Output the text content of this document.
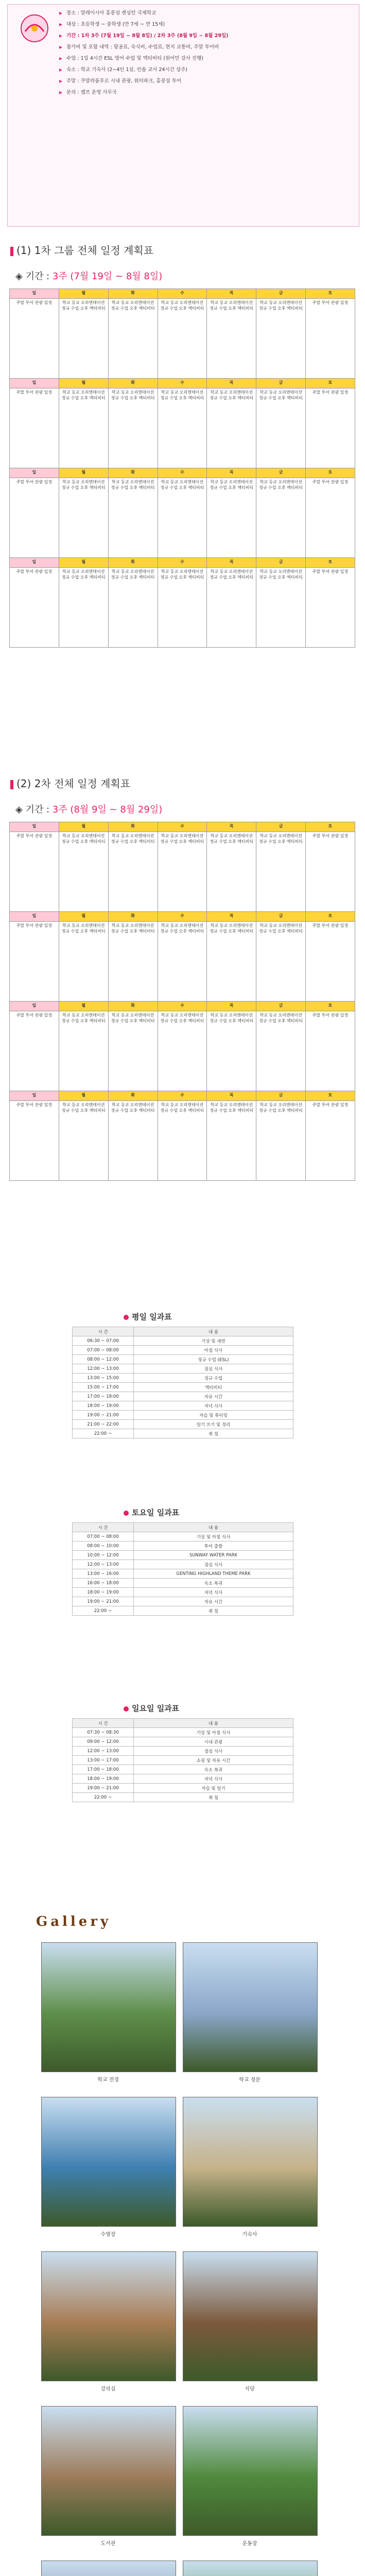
▶ 장소 : 말레이시아 홍콩섬 켄싱턴 국제학교
▶ 대상 : 초등학생 ~ 중학생 (만 7세 ~ 만 15세)
▶ 기간 : 1차 3주 (7월 19일 ~ 8월 8일) / 2차 3주 (8월 9일 ~ 8월 29일)
▶ 참가비 및 포함 내역 : 항공료, 숙식비, 수업료, 현지 교통비, 주말 투어비
▶ 수업 : 1일 4시간 ESL 영어 수업 및 액티비티 (원어민 강사 진행)
▶ 숙소 : 학교 기숙사 (2~4인 1실, 인솔 교사 24시간 상주)
▶ 주말 : 쿠알라룸푸르 시내 관광, 워터파크, 홍콩섬 투어
▶ 문의 : 캠프 운영 사무국
(1) 1차 그룹 전체 일정 계획표
◈ 기간 : 3주 (7월 19일 ~ 8월 8일)
일	월	화	수	목	금	토
주말 투어 관광 일정	학교 등교 오리엔테이션 정규 수업 오후 액티비티	학교 등교 오리엔테이션 정규 수업 오후 액티비티	학교 등교 오리엔테이션 정규 수업 오후 액티비티	학교 등교 오리엔테이션 정규 수업 오후 액티비티	학교 등교 오리엔테이션 정규 수업 오후 액티비티	주말 투어 관광 일정
일	월	화	수	목	금	토
주말 투어 관광 일정	학교 등교 오리엔테이션 정규 수업 오후 액티비티	학교 등교 오리엔테이션 정규 수업 오후 액티비티	학교 등교 오리엔테이션 정규 수업 오후 액티비티	학교 등교 오리엔테이션 정규 수업 오후 액티비티	학교 등교 오리엔테이션 정규 수업 오후 액티비티	주말 투어 관광 일정
일	월	화	수	목	금	토
주말 투어 관광 일정	학교 등교 오리엔테이션 정규 수업 오후 액티비티	학교 등교 오리엔테이션 정규 수업 오후 액티비티	학교 등교 오리엔테이션 정규 수업 오후 액티비티	학교 등교 오리엔테이션 정규 수업 오후 액티비티	학교 등교 오리엔테이션 정규 수업 오후 액티비티	주말 투어 관광 일정
일	월	화	수	목	금	토
주말 투어 관광 일정	학교 등교 오리엔테이션 정규 수업 오후 액티비티	학교 등교 오리엔테이션 정규 수업 오후 액티비티	학교 등교 오리엔테이션 정규 수업 오후 액티비티	학교 등교 오리엔테이션 정규 수업 오후 액티비티	학교 등교 오리엔테이션 정규 수업 오후 액티비티	주말 투어 관광 일정
(2) 2차 전체 일정 계획표
◈ 기간 : 3주 (8월 9일 ~ 8월 29일)
일	월	화	수	목	금	토
주말 투어 관광 일정	학교 등교 오리엔테이션 정규 수업 오후 액티비티	학교 등교 오리엔테이션 정규 수업 오후 액티비티	학교 등교 오리엔테이션 정규 수업 오후 액티비티	학교 등교 오리엔테이션 정규 수업 오후 액티비티	학교 등교 오리엔테이션 정규 수업 오후 액티비티	주말 투어 관광 일정
일	월	화	수	목	금	토
주말 투어 관광 일정	학교 등교 오리엔테이션 정규 수업 오후 액티비티	학교 등교 오리엔테이션 정규 수업 오후 액티비티	학교 등교 오리엔테이션 정규 수업 오후 액티비티	학교 등교 오리엔테이션 정규 수업 오후 액티비티	학교 등교 오리엔테이션 정규 수업 오후 액티비티	주말 투어 관광 일정
일	월	화	수	목	금	토
주말 투어 관광 일정	학교 등교 오리엔테이션 정규 수업 오후 액티비티	학교 등교 오리엔테이션 정규 수업 오후 액티비티	학교 등교 오리엔테이션 정규 수업 오후 액티비티	학교 등교 오리엔테이션 정규 수업 오후 액티비티	학교 등교 오리엔테이션 정규 수업 오후 액티비티	주말 투어 관광 일정
일	월	화	수	목	금	토
주말 투어 관광 일정	학교 등교 오리엔테이션 정규 수업 오후 액티비티	학교 등교 오리엔테이션 정규 수업 오후 액티비티	학교 등교 오리엔테이션 정규 수업 오후 액티비티	학교 등교 오리엔테이션 정규 수업 오후 액티비티	학교 등교 오리엔테이션 정규 수업 오후 액티비티	주말 투어 관광 일정
평일 일과표
시 간	내 용
06:30 ~ 07:00	기상 및 세면
07:00 ~ 08:00	아침 식사
08:00 ~ 12:00	정규 수업 (ESL)
12:00 ~ 13:00	점심 식사
13:00 ~ 15:00	정규 수업
15:00 ~ 17:00	액티비티
17:00 ~ 18:00	자유 시간
18:00 ~ 19:00	저녁 식사
19:00 ~ 21:00	자습 및 튜터링
21:00 ~ 22:00	일기 쓰기 및 정리
22:00 ~	취 침
토요일 일과표
시 간	내 용
07:00 ~ 08:00	기상 및 아침 식사
08:00 ~ 10:00	투어 출발
10:00 ~ 12:00	SUNWAY WATER PARK
12:00 ~ 13:00	점심 식사
13:00 ~ 16:00	GENTING HIGHLAND THEME PARK
16:00 ~ 18:00	숙소 복귀
18:00 ~ 19:00	저녁 식사
19:00 ~ 21:00	자유 시간
22:00 ~	취 침
일요일 일과표
시 간	내 용
07:30 ~ 08:30	기상 및 아침 식사
09:00 ~ 12:00	시내 관광
12:00 ~ 13:00	점심 식사
13:00 ~ 17:00	쇼핑 및 자유 시간
17:00 ~ 18:00	숙소 복귀
18:00 ~ 19:00	저녁 식사
19:00 ~ 21:00	자습 및 일기
22:00 ~	취 침
Gallery
학교 전경	학교 정문
수영장	기숙사
강의실	식당
도서관	운동장
